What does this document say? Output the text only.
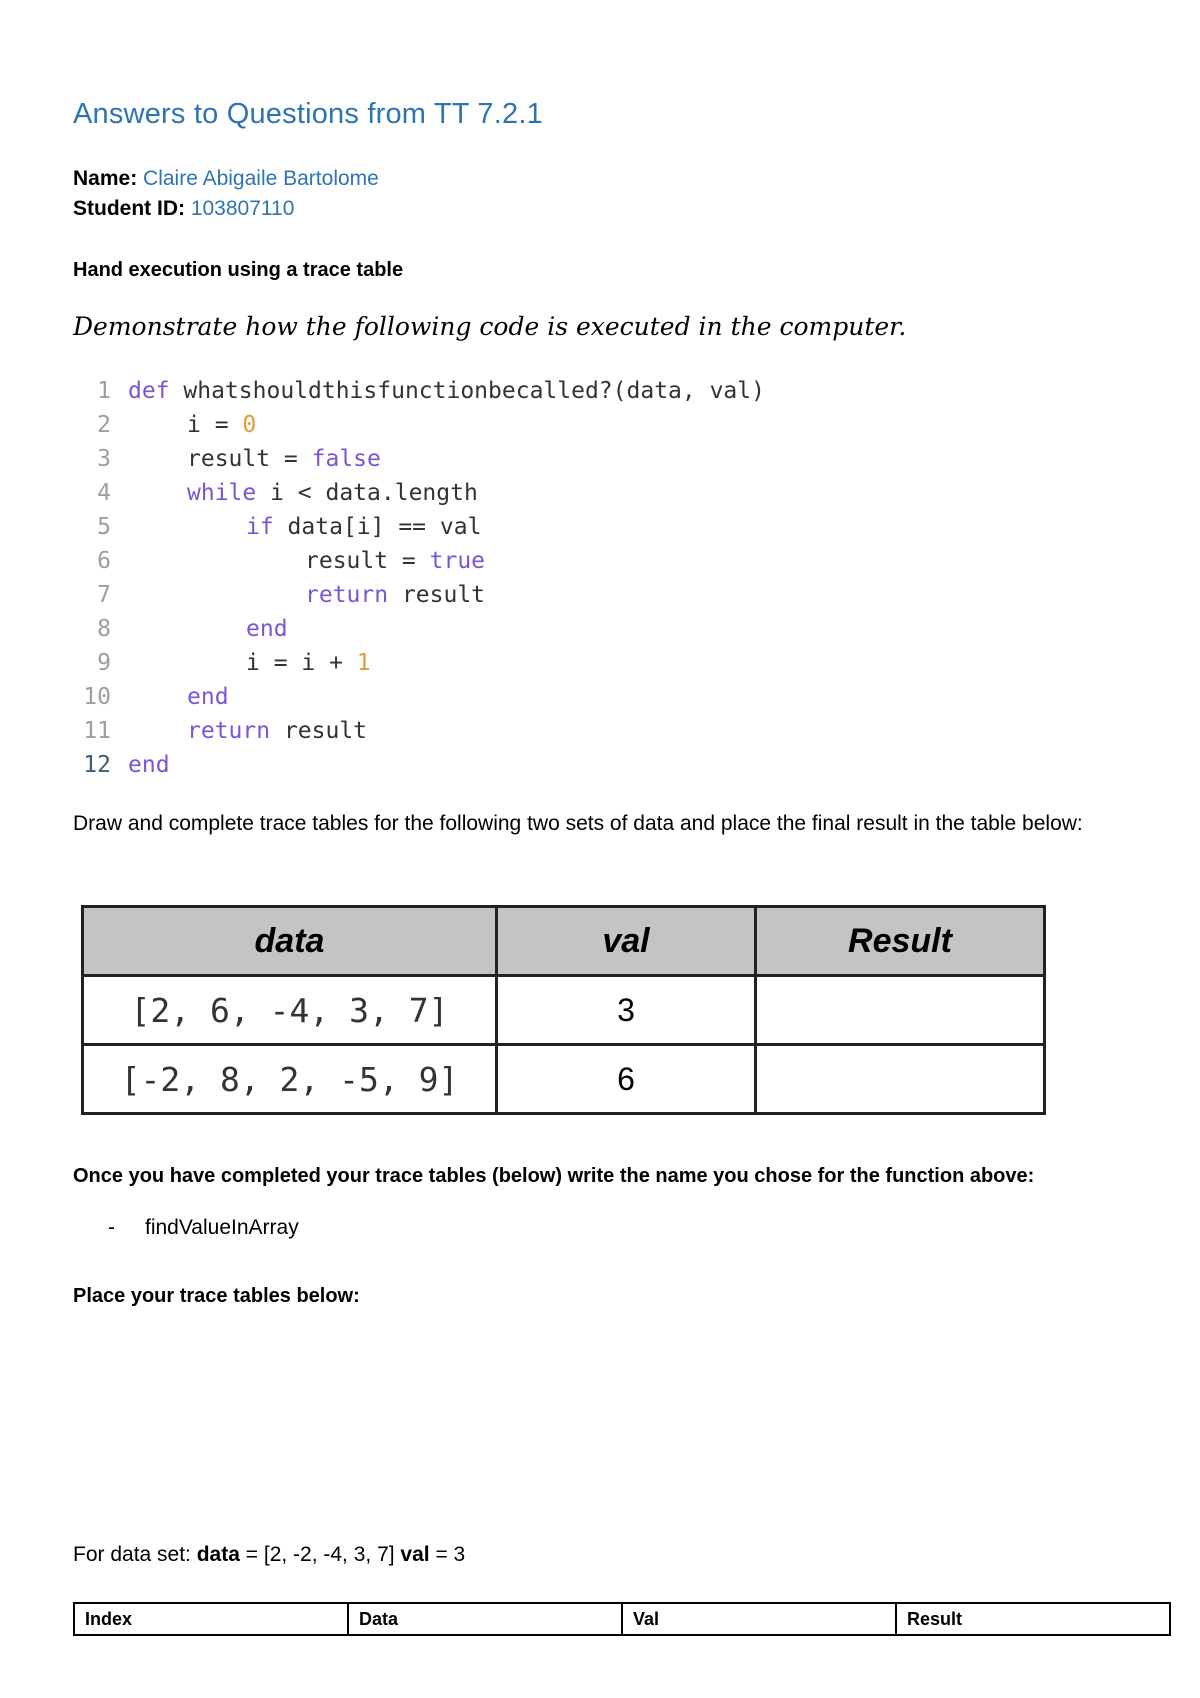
Answers to Questions from TT 7.2.1
Name: Claire Abigaile Bartolome
Student ID: 103807110
Hand execution using a trace table
Demonstrate how the following code is executed in the computer.
1 def whatshouldthisfunctionbecalled?(data, val)
2	i = 0
3	result = false
4	while i < data.length
5	if data[i] == val
6	result = true
7	return result
8	end
9	i = i + 1
10	end
11	return result
12 end
Draw and complete trace tables for the following two sets of data and place the final result in the table below:
data	val	Result
[2, 6, -4, 3, 7]	3	
[-2, 8, 2, -5, 9]	6	
Once you have completed your trace tables (below) write the name you chose for the function above:
- findValueInArray
Place your trace tables below:
For data set: data = [2, -2, -4, 3, 7] val = 3
Index	Data	Val	Result
